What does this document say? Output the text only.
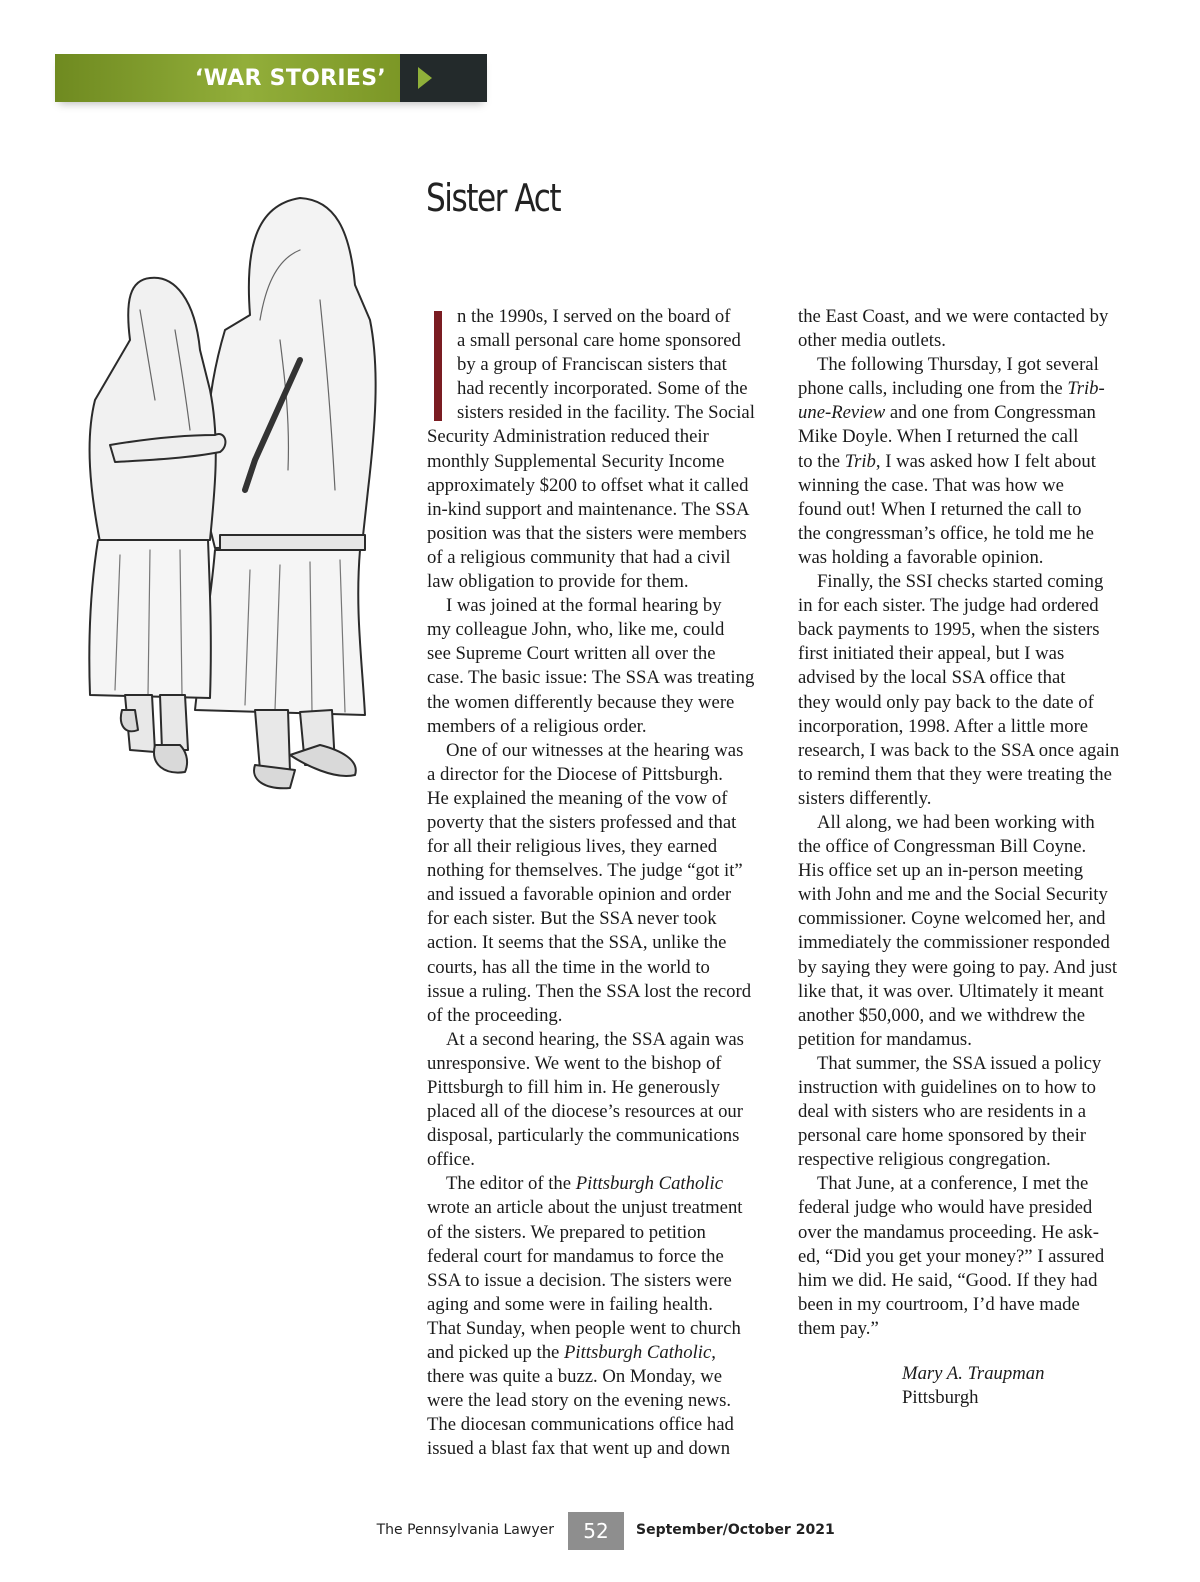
‘WAR STORIES’
Sister Act

n the 1990s, I served on the board of

a small personal care home sponsored

by a group of Franciscan sisters that

had recently incorporated. Some of the

sisters resided in the facility. The Social

Security Administration reduced their

monthly Supplemental Security Income

approximately $200 to offset what it called

in-kind support and maintenance. The SSA

position was that the sisters were members

of a religious community that had a civil

law obligation to provide for them.

I was joined at the formal hearing by

my colleague John, who, like me, could

see Supreme Court written all over the

case. The basic issue: The SSA was treating

the women differently because they were

members of a religious order.

One of our witnesses at the hearing was

a director for the Diocese of Pittsburgh.

He explained the meaning of the vow of

poverty that the sisters professed and that

for all their religious lives, they earned

nothing for themselves. The judge “got it”

and issued a favorable opinion and order

for each sister. But the SSA never took

action. It seems that the SSA, unlike the

courts, has all the time in the world to

issue a ruling. Then the SSA lost the record

of the proceeding.

At a second hearing, the SSA again was

unresponsive. We went to the bishop of

Pittsburgh to fill him in. He generously

placed all of the diocese’s resources at our

disposal, particularly the communications

office.

The editor of the Pittsburgh Catholic

wrote an article about the unjust treatment

of the sisters. We prepared to petition

federal court for mandamus to force the

SSA to issue a decision. The sisters were

aging and some were in failing health.

That Sunday, when people went to church

and picked up the Pittsburgh Catholic,

there was quite a buzz. On Monday, we

were the lead story on the evening news.

The diocesan communications office had

issued a blast fax that went up and down

the East Coast, and we were contacted by

other media outlets.

The following Thursday, I got several

phone calls, including one from the Trib-

une-Review and one from Congressman

Mike Doyle. When I returned the call

to the Trib, I was asked how I felt about

winning the case. That was how we

found out! When I returned the call to

the congressman’s office, he told me he

was holding a favorable opinion.

Finally, the SSI checks started coming

in for each sister. The judge had ordered

back payments to 1995, when the sisters

first initiated their appeal, but I was

advised by the local SSA office that

they would only pay back to the date of

incorporation, 1998. After a little more

research, I was back to the SSA once again

to remind them that they were treating the

sisters differently.

All along, we had been working with

the office of Congressman Bill Coyne.

His office set up an in-person meeting

with John and me and the Social Security

commissioner. Coyne welcomed her, and

immediately the commissioner responded

by saying they were going to pay. And just

like that, it was over. Ultimately it meant

another $50,000, and we withdrew the

petition for mandamus.

That summer, the SSA issued a policy

instruction with guidelines on to how to

deal with sisters who are residents in a

personal care home sponsored by their

respective religious congregation.

That June, at a conference, I met the

federal judge who would have presided

over the mandamus proceeding. He ask-

ed, “Did you get your money?” I assured

him we did. He said, “Good. If they had

been in my courtroom, I’d have made

them pay.”

Mary A. Traupman
Pittsburgh
The Pennsylvania Lawyer	52	September/October 2021
